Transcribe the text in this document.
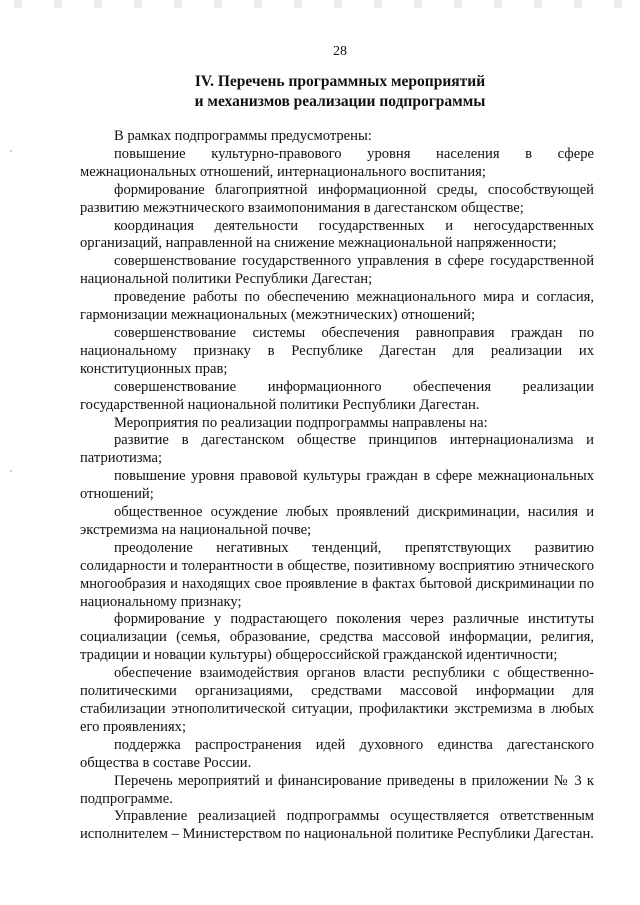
28
IV. Перечень программных мероприятий
и механизмов реализации подпрограммы

В рамках подпрограммы предусмотрены:

повышение культурно-правового уровня населения в сфере межнациональных отношений, интернационального воспитания;

формирование благоприятной информационной среды, способствующей развитию межэтнического взаимопонимания в дагестанском обществе;

координация деятельности государственных и негосударственных организаций, направленной на снижение межнациональной напряженности;

совершенствование государственного управления в сфере государственной национальной политики Республики Дагестан;

проведение работы по обеспечению межнационального мира и согласия, гармонизации межнациональных (межэтнических) отношений;

совершенствование системы обеспечения равноправия граждан по национальному признаку в Республике Дагестан для реализации их конституционных прав;

совершенствование информационного обеспечения реализации государственной национальной политики Республики Дагестан.

Мероприятия по реализации подпрограммы направлены на:

развитие в дагестанском обществе принципов интернационализма и патриотизма;

повышение уровня правовой культуры граждан в сфере межнациональных отношений;

общественное осуждение любых проявлений дискриминации, насилия и экстремизма на национальной почве;

преодоление негативных тенденций, препятствующих развитию солидарности и толерантности в обществе, позитивному восприятию этнического многообразия и находящих свое проявление в фактах бытовой дискриминации по национальному признаку;

формирование у подрастающего поколения через различные институты социализации (семья, образование, средства массовой информации, религия, традиции и новации культуры) общероссийской гражданской идентичности;

обеспечение взаимодействия органов власти республики с общественно-политическими организациями, средствами массовой информации для стабилизации этнополитической ситуации, профилактики экстремизма в любых его проявлениях;

поддержка распространения идей духовного единства дагестанского общества в составе России.

Перечень мероприятий и финансирование приведены в приложении № 3 к подпрограмме.

Управление реализацией подпрограммы осуществляется ответственным исполнителем – Министерством по национальной политике Республики Дагестан.
